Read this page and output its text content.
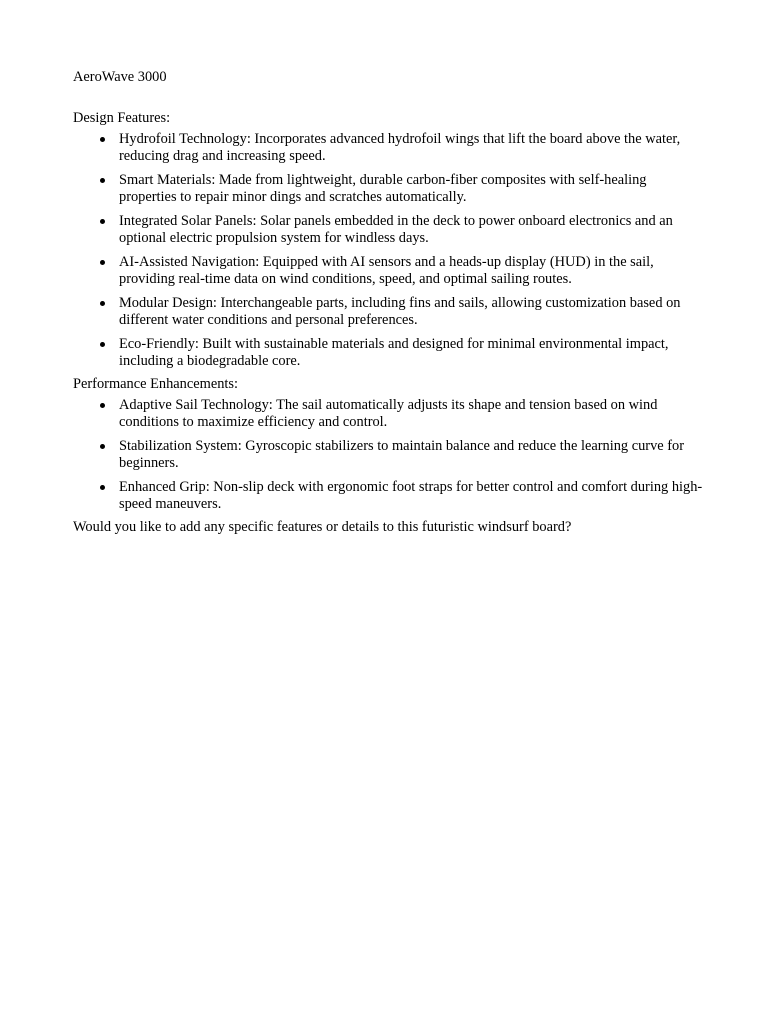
AeroWave 3000

Design Features:

Hydrofoil Technology: Incorporates advanced hydrofoil wings that lift the board above the water, reducing drag and increasing speed.
Smart Materials: Made from lightweight, durable carbon-fiber composites with self-healing properties to repair minor dings and scratches automatically.
Integrated Solar Panels: Solar panels embedded in the deck to power onboard electronics and an optional electric propulsion system for windless days.
AI-Assisted Navigation: Equipped with AI sensors and a heads-up display (HUD) in the sail, providing real-time data on wind conditions, speed, and optimal sailing routes.
Modular Design: Interchangeable parts, including fins and sails, allowing customization based on different water conditions and personal preferences.
Eco-Friendly: Built with sustainable materials and designed for minimal environmental impact, including a biodegradable core.

Performance Enhancements:

Adaptive Sail Technology: The sail automatically adjusts its shape and tension based on wind conditions to maximize efficiency and control.
Stabilization System: Gyroscopic stabilizers to maintain balance and reduce the learning curve for beginners.
Enhanced Grip: Non-slip deck with ergonomic foot straps for better control and comfort during high-speed maneuvers.

Would you like to add any specific features or details to this futuristic windsurf board?
